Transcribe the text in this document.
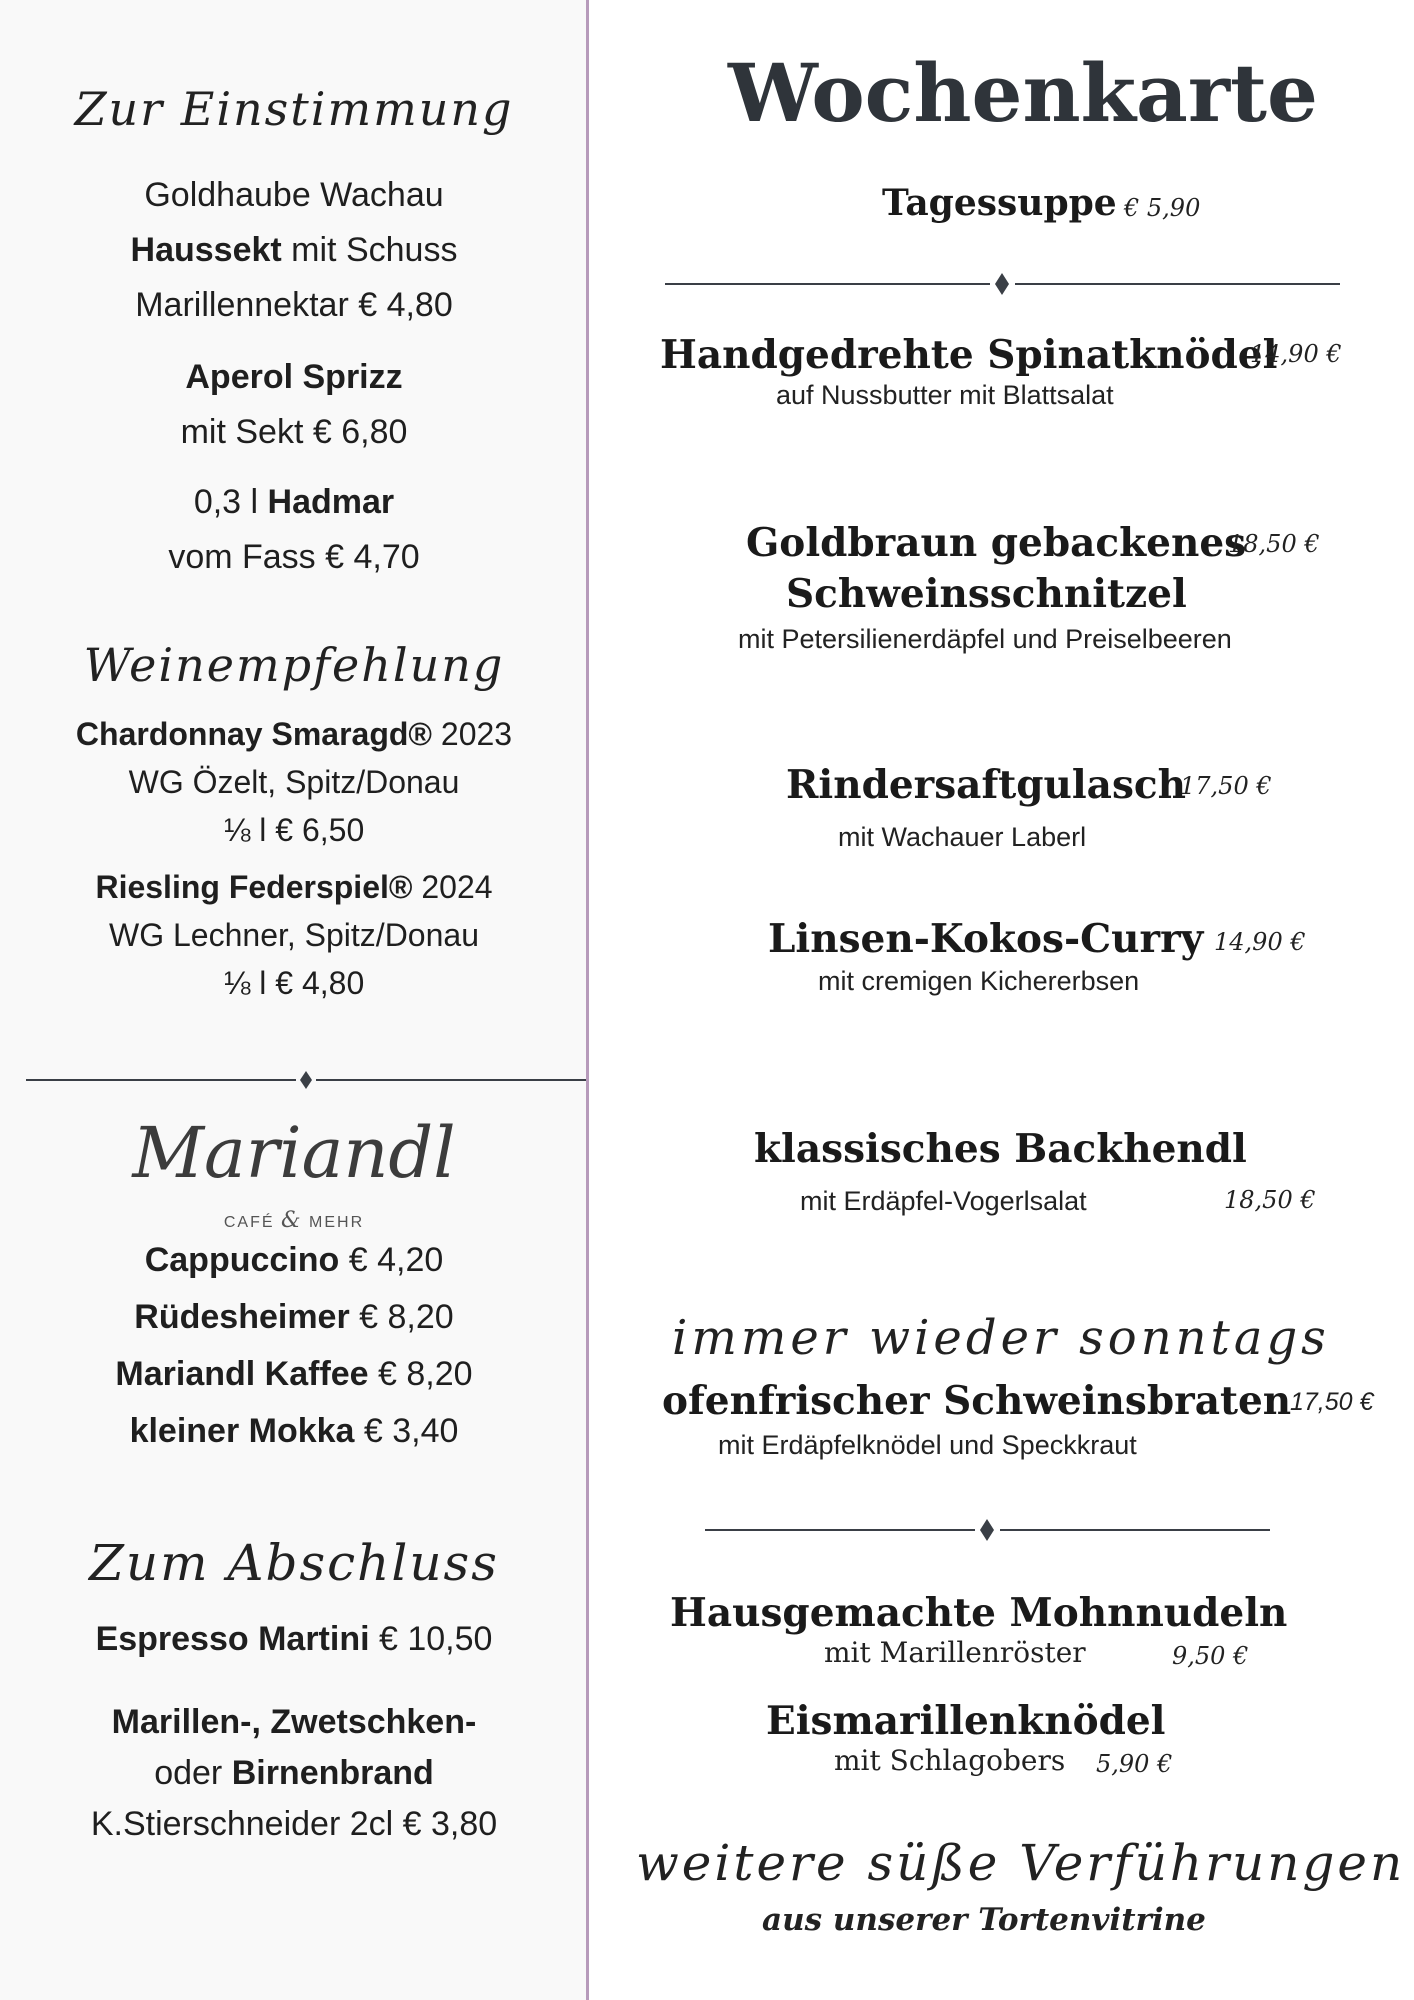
Zur Einstimmung
Goldhaube Wachau
Haussekt mit Schuss
Marillennektar € 4,80
Aperol Sprizz
mit Sekt € 6,80
0,3 l Hadmar
vom Fass € 4,70
Weinempfehlung
Chardonnay Smaragd® 2023
WG Özelt, Spitz/Donau
⅛ l € 6,50
Riesling Federspiel® 2024
WG Lechner, Spitz/Donau
⅛ l € 4,80
Mariandl
CAFÉ & MEHR
Cappuccino € 4,20
Rüdesheimer € 8,20
Mariandl Kaffee € 8,20
kleiner Mokka € 3,40
Zum Abschluss
Espresso Martini € 10,50
Marillen-, Zwetschken-
oder Birnenbrand
K.Stierschneider 2cl € 3,80
Wochenkarte
Tagessuppe € 5,90
Handgedrehte Spinatknödel
14,90 €
auf Nussbutter mit Blattsalat
Goldbraun gebackenes
18,50 €
Schweinsschnitzel
mit Petersilienerdäpfel und Preiselbeeren
Rindersaftgulasch
17,50 €
mit Wachauer Laberl
Linsen-Kokos-Curry 14,90 €
mit cremigen Kichererbsen
klassisches Backhendl
mit Erdäpfel-Vogerlsalat	18,50 €
immer wieder sonntags
ofenfrischer Schweinsbraten
17,50 €
mit Erdäpfelknödel und Speckkraut
Hausgemachte Mohnnudeln
mit Marillenröster	9,50 €
Eismarillenknödel
mit Schlagobers 5,90 €
weitere süße Verführungen
aus unserer Tortenvitrine
